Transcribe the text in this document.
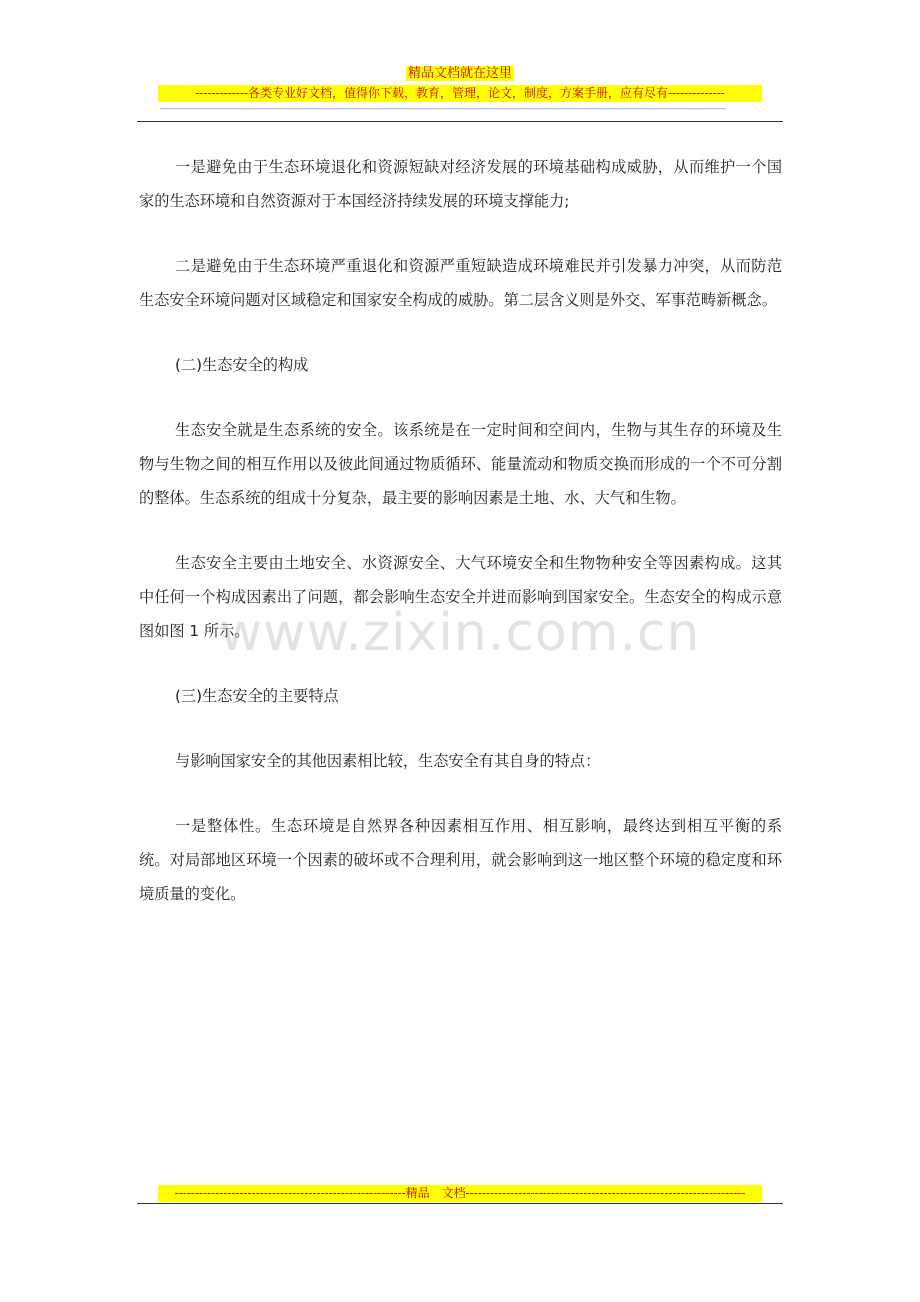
精品文档就在这里
-------------各类专业好文档，值得你下载，教育，管理，论文，制度，方案手册，应有尽有--------------
--------------------------------------------------------------------------------------------------------------------------------------------------------------------------------------------------------------

一是避免由于生态环境退化和资源短缺对经济发展的环境基础构成威胁，从而维护一个国家的生态环境和自然资源对于本国经济持续发展的环境支撑能力;

二是避免由于生态环境严重退化和资源严重短缺造成环境难民并引发暴力冲突，从而防范生态安全环境问题对区域稳定和国家安全构成的威胁。第二层含义则是外交、军事范畴新概念。

(二)生态安全的构成

生态安全就是生态系统的安全。该系统是在一定时间和空间内，生物与其生存的环境及生物与生物之间的相互作用以及彼此间通过物质循环、能量流动和物质交换而形成的一个不可分割的整体。生态系统的组成十分复杂，最主要的影响因素是土地、水、大气和生物。

生态安全主要由土地安全、水资源安全、大气环境安全和生物物种安全等因素构成。这其中任何一个构成因素出了问题，都会影响生态安全并进而影响到国家安全。生态安全的构成示意图如图 1 所示。

(三)生态安全的主要特点

与影响国家安全的其他因素相比较，生态安全有其自身的特点：

一是整体性。生态环境是自然界各种因素相互作用、相互影响，最终达到相互平衡的系统。对局部地区环境一个因素的破坏或不合理利用，就会影响到这一地区整个环境的稳定度和环境质量的变化。

www.zixin.com.cn
---------------------------------------------------------精品　文档---------------------------------------------------------------------
